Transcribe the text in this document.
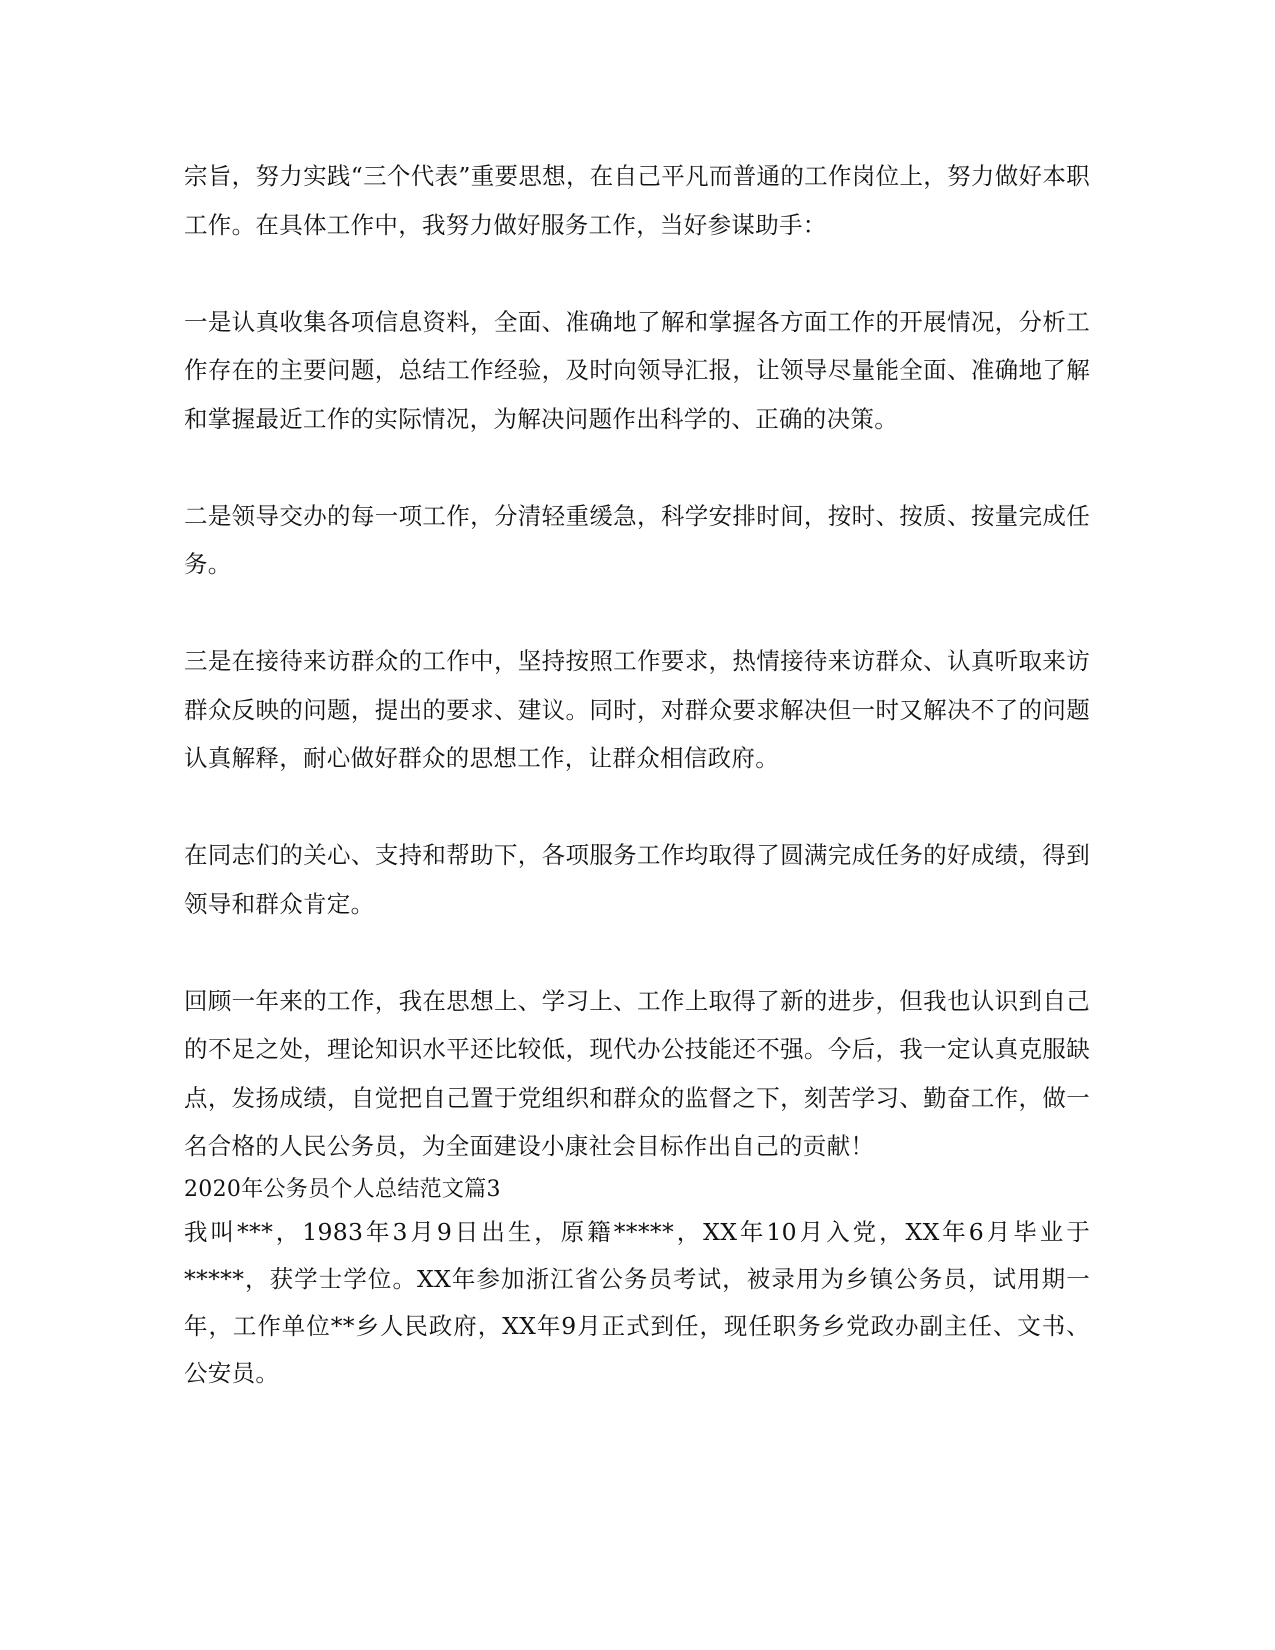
宗旨，努力实践“三个代表”重要思想，在自己平凡而普通的工作岗位上，努力做好本职工作。在具体工作中，我努力做好服务工作，当好参谋助手：

一是认真收集各项信息资料，全面、准确地了解和掌握各方面工作的开展情况，分析工作存在的主要问题，总结工作经验，及时向领导汇报，让领导尽量能全面、准确地了解和掌握最近工作的实际情况，为解决问题作出科学的、正确的决策。

二是领导交办的每一项工作，分清轻重缓急，科学安排时间，按时、按质、按量完成任务。

三是在接待来访群众的工作中，坚持按照工作要求，热情接待来访群众、认真听取来访群众反映的问题，提出的要求、建议。同时，对群众要求解决但一时又解决不了的问题认真解释，耐心做好群众的思想工作，让群众相信政府。

在同志们的关心、支持和帮助下，各项服务工作均取得了圆满完成任务的好成绩，得到领导和群众肯定。

回顾一年来的工作，我在思想上、学习上、工作上取得了新的进步，但我也认识到自己的不足之处，理论知识水平还比较低，现代办公技能还不强。今后，我一定认真克服缺点，发扬成绩，自觉把自己置于党组织和群众的监督之下，刻苦学习、勤奋工作，做一名合格的人民公务员，为全面建设小康社会目标作出自己的贡献！

2020年公务员个人总结范文篇3

我叫***，1983年3月9日出生，原籍*****，XX年10月入党，XX年6月毕业于*****，获学士学位。XX年参加浙江省公务员考试，被录用为乡镇公务员，试用期一年，工作单位**乡人民政府，XX年9月正式到任，现任职务乡党政办副主任、文书、公安员。
